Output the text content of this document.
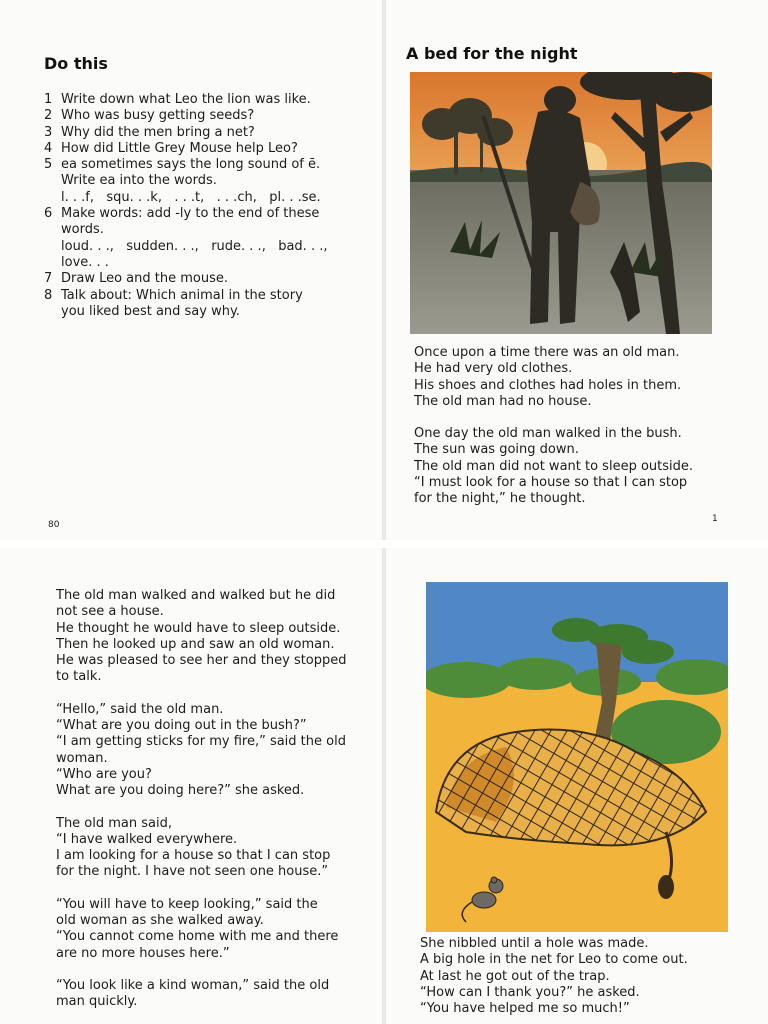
Do this
1 Write down what Leo the lion was like.
2 Who was busy getting seeds?
3 Why did the men bring a net?
4 How did Little Grey Mouse help Leo?
5 ea sometimes says the long sound of ē.
Write ea into the words.
l. . .f,   squ. . .k,   . . .t,   . . .ch,   pl. . .se.
6 Make words: add -ly to the end of these
words.
loud. . .,   sudden. . .,   rude. . .,   bad. . .,
love. . .
7 Draw Leo and the mouse.
8 Talk about: Which animal in the story
you liked best and say why.
80
A bed for the night
Once upon a time there was an old man.
He had very old clothes.
His shoes and clothes had holes in them.
The old man had no house.
One day the old man walked in the bush.
The sun was going down.
The old man did not want to sleep outside.
“I must look for a house so that I can stop
for the night,” he thought.
1
The old man walked and walked but he did
not see a house.
He thought he would have to sleep outside.
Then he looked up and saw an old woman.
He was pleased to see her and they stopped
to talk.
“Hello,” said the old man.
“What are you doing out in the bush?”
“I am getting sticks for my fire,” said the old
woman.
“Who are you?
What are you doing here?” she asked.
The old man said,
“I have walked everywhere.
I am looking for a house so that I can stop
for the night. I have not seen one house.”
“You will have to keep looking,” said the
old woman as she walked away.
“You cannot come home with me and there
are no more houses here.”
“You look like a kind woman,” said the old
man quickly.
She nibbled until a hole was made.
A big hole in the net for Leo to come out.
At last he got out of the trap.
“How can I thank you?” he asked.
“You have helped me so much!”
